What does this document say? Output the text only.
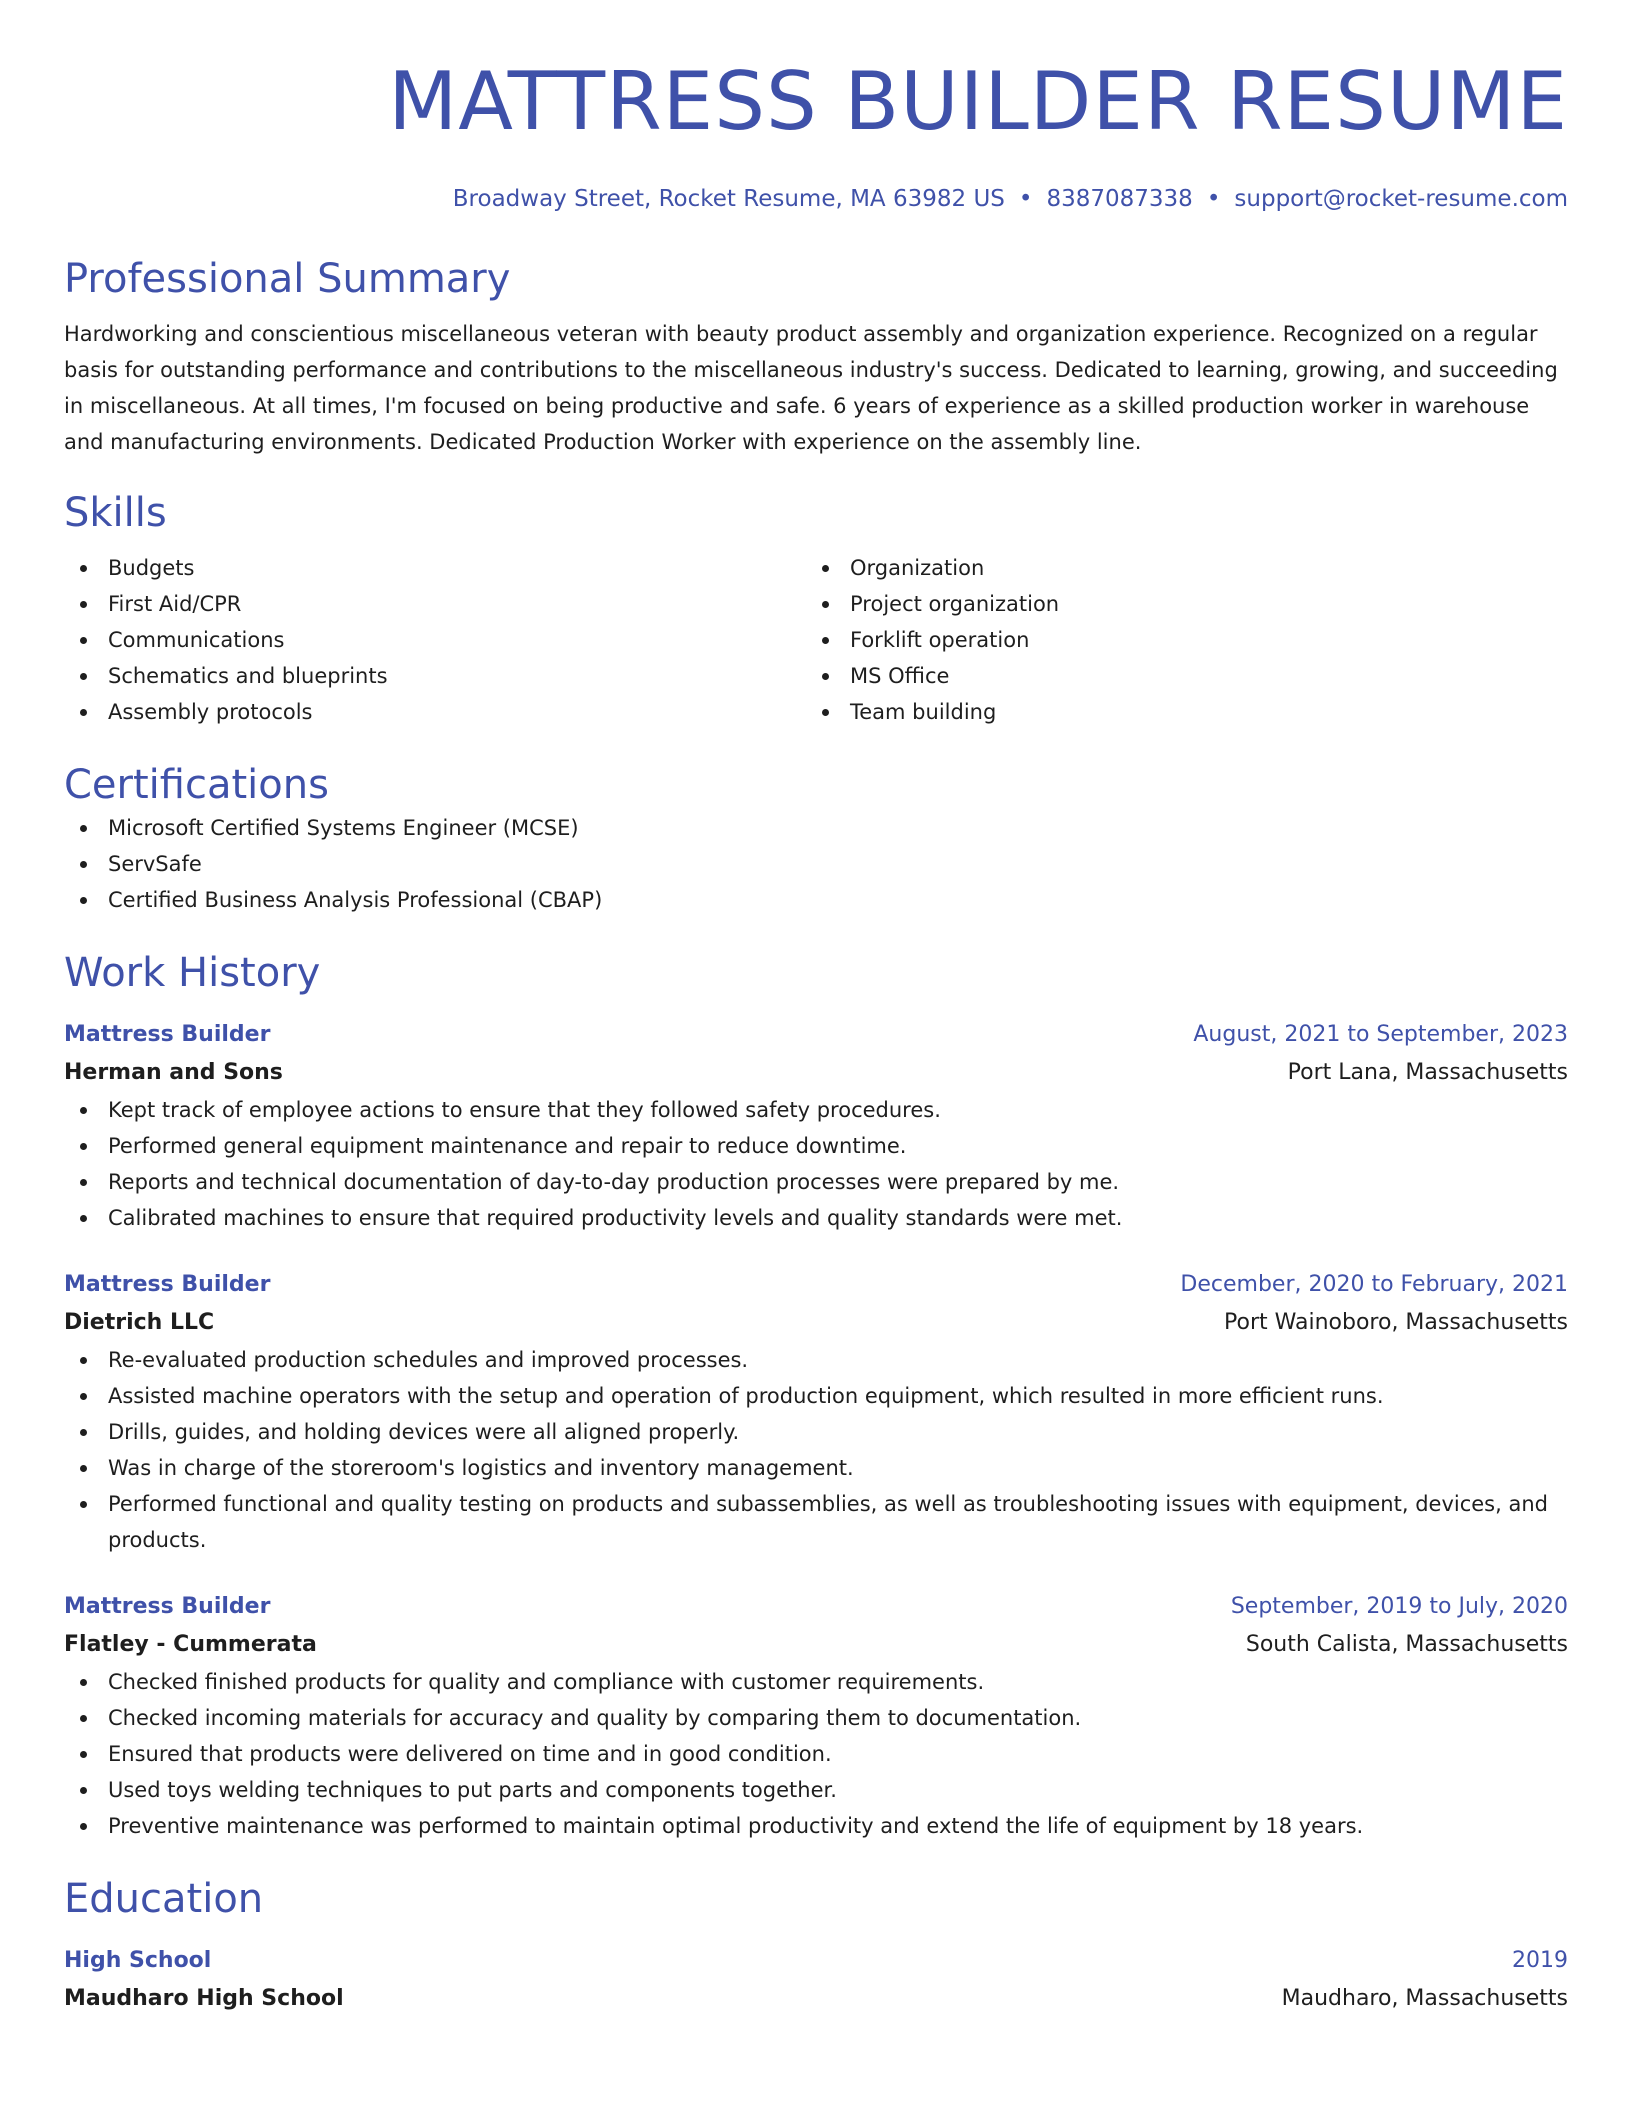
MATTRESS BUILDER RESUME
Broadway Street, Rocket Resume, MA 63982 US • 8387087338 • support@rocket-resume.com
Professional Summary

Hardworking and conscientious miscellaneous veteran with beauty product assembly and organization experience. Recognized on a regular basis for outstanding performance and contributions to the miscellaneous industry's success. Dedicated to learning, growing, and succeeding in miscellaneous. At all times, I'm focused on being productive and safe. 6 years of experience as a skilled production worker in warehouse and manufacturing environments. Dedicated Production Worker with experience on the assembly line.

Skills
Budgets
First Aid/CPR
Communications
Schematics and blueprints
Assembly protocols
Organization
Project organization
Forklift operation
MS Office
Team building
Certifications
Microsoft Certified Systems Engineer (MCSE)
ServSafe
Certified Business Analysis Professional (CBAP)
Work History
Mattress Builder	August, 2021 to September, 2023
Herman and Sons	Port Lana, Massachusetts
Kept track of employee actions to ensure that they followed safety procedures.
Performed general equipment maintenance and repair to reduce downtime.
Reports and technical documentation of day-to-day production processes were prepared by me.
Calibrated machines to ensure that required productivity levels and quality standards were met.
Mattress Builder	December, 2020 to February, 2021
Dietrich LLC	Port Wainoboro, Massachusetts
Re-evaluated production schedules and improved processes.
Assisted machine operators with the setup and operation of production equipment, which resulted in more efficient runs.
Drills, guides, and holding devices were all aligned properly.
Was in charge of the storeroom's logistics and inventory management.
Performed functional and quality testing on products and subassemblies, as well as troubleshooting issues with equipment, devices, and products.
Mattress Builder	September, 2019 to July, 2020
Flatley - Cummerata	South Calista, Massachusetts
Checked finished products for quality and compliance with customer requirements.
Checked incoming materials for accuracy and quality by comparing them to documentation.
Ensured that products were delivered on time and in good condition.
Used toys welding techniques to put parts and components together.
Preventive maintenance was performed to maintain optimal productivity and extend the life of equipment by 18 years.
Education
High School	2019
Maudharo High School	Maudharo, Massachusetts
